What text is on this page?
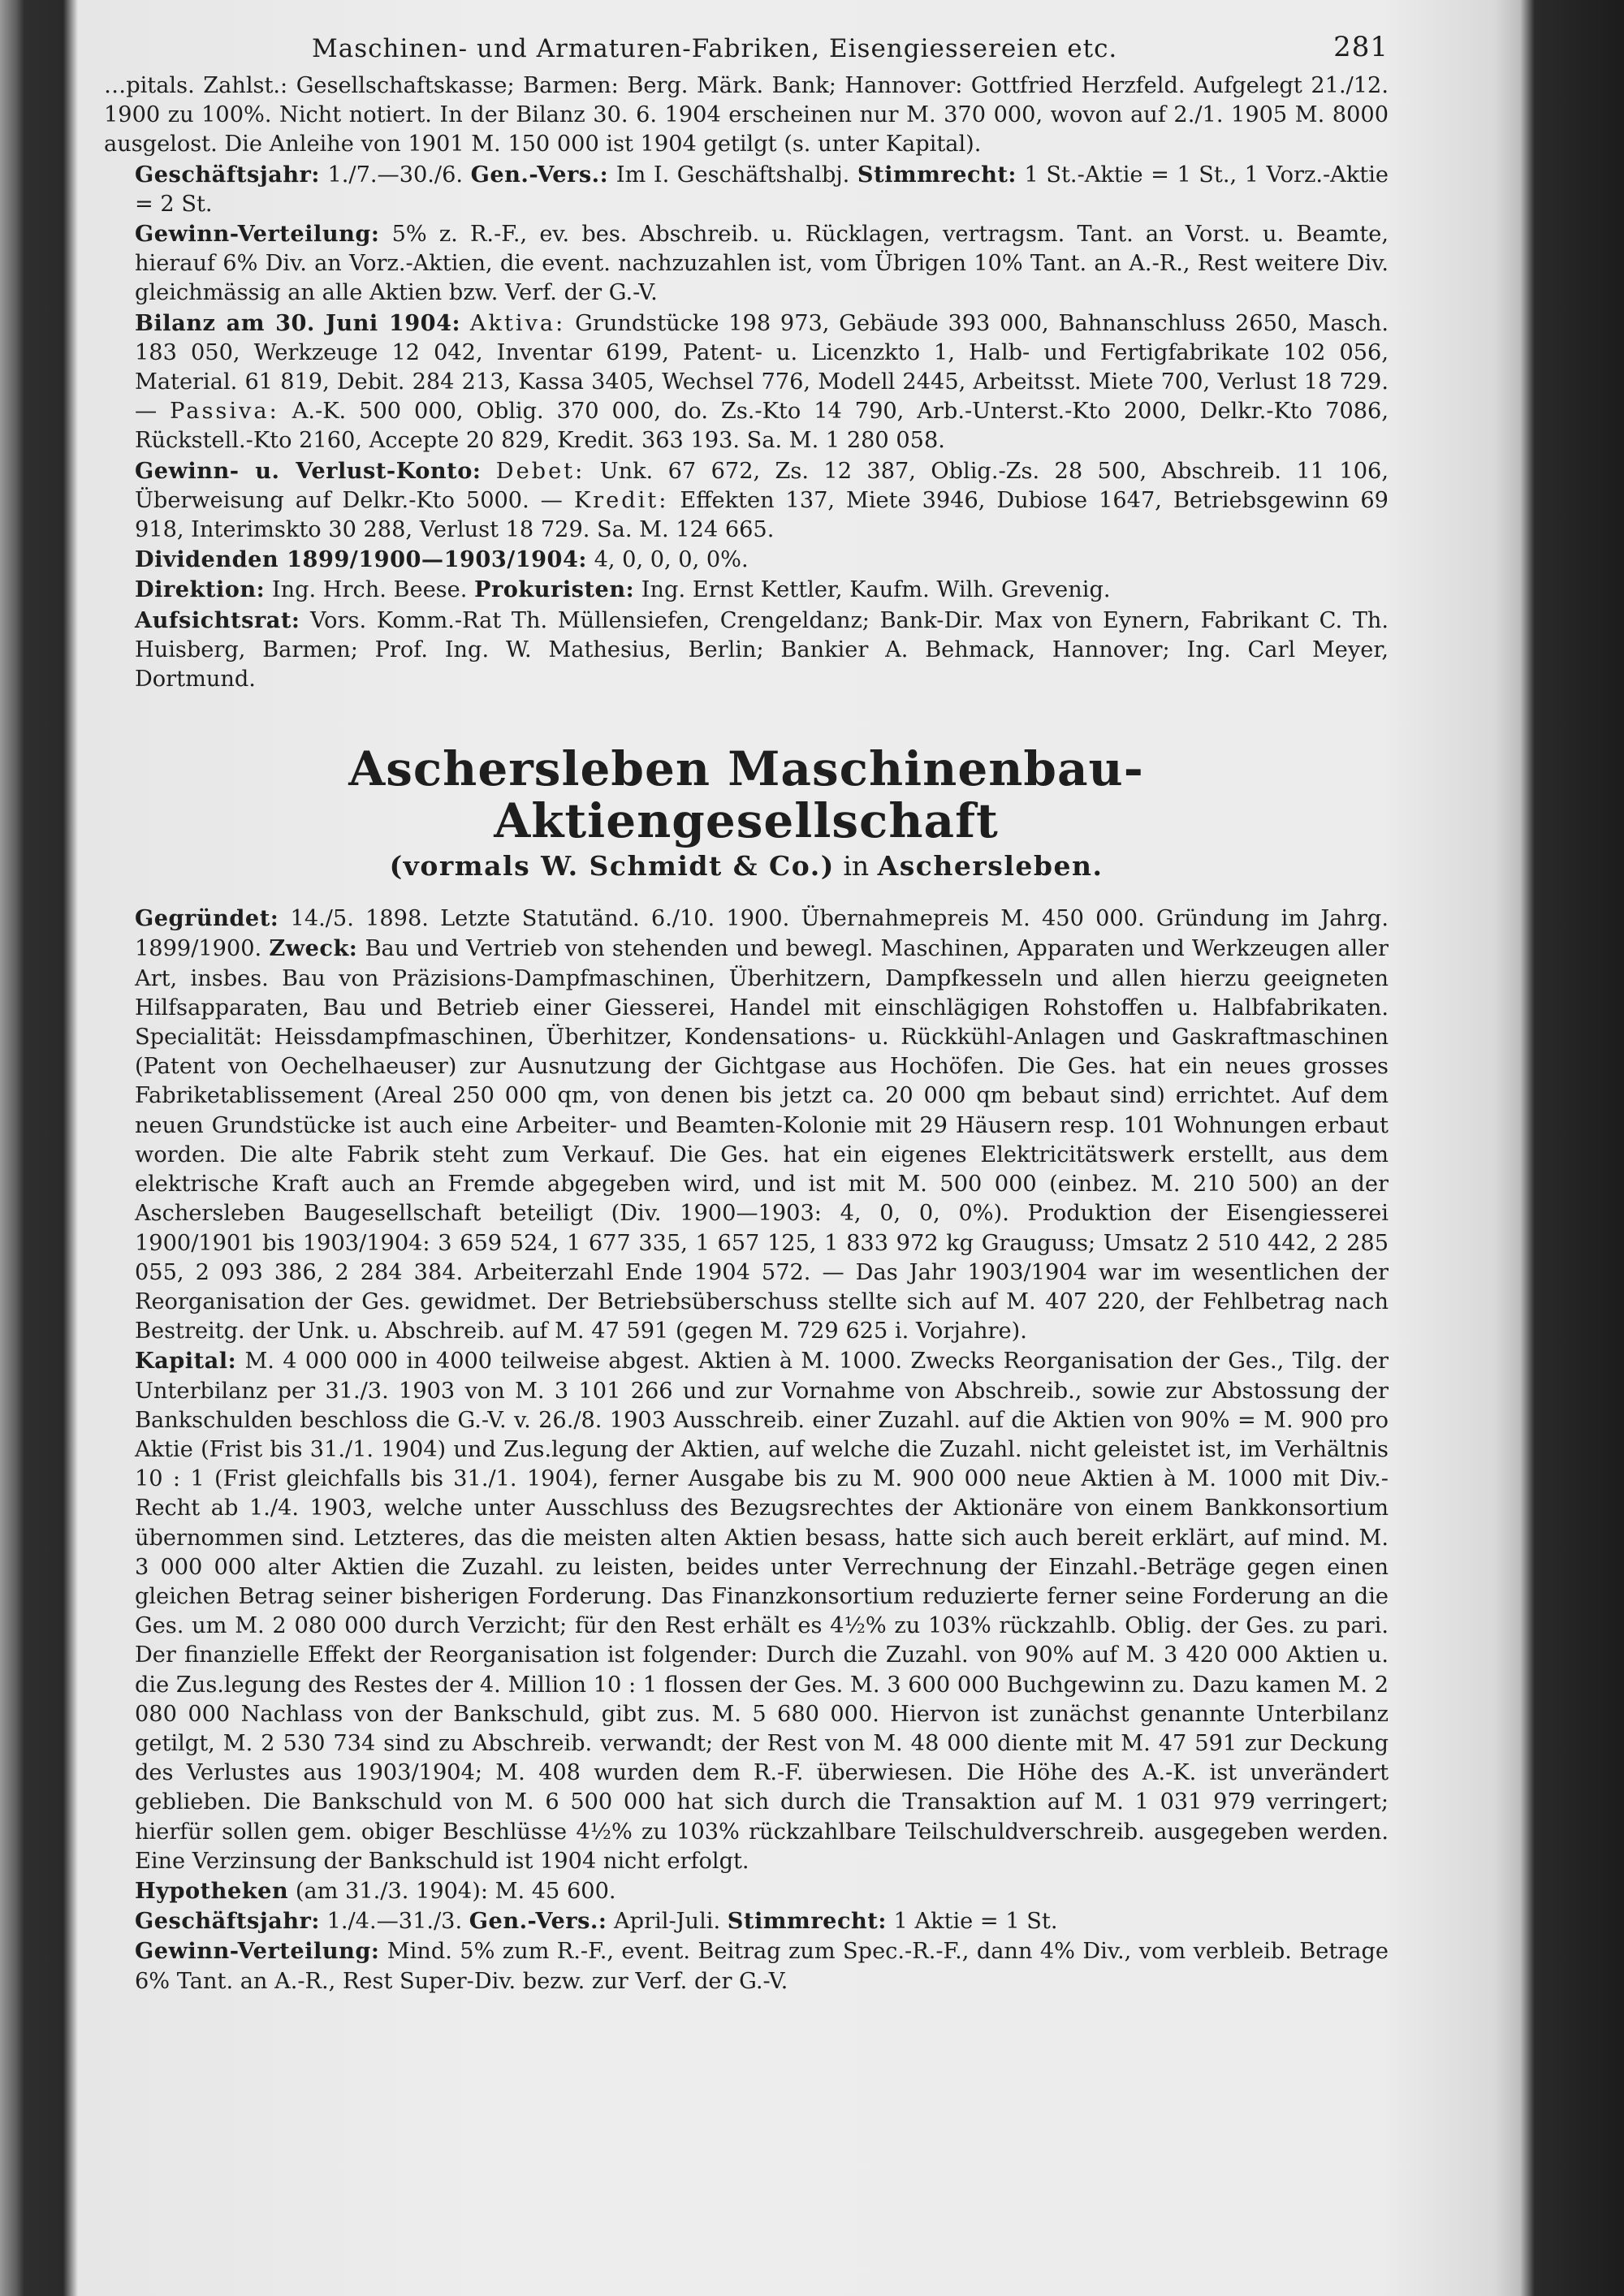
Maschinen- und Armaturen-Fabriken, Eisengiessereien etc.	281

…pitals. Zahlst.: Gesellschaftskasse; Barmen: Berg. Märk. Bank; Hannover: Gottfried Herzfeld. Aufgelegt 21./12. 1900 zu 100%. Nicht notiert. In der Bilanz 30. 6. 1904 erscheinen nur M. 370 000, wovon auf 2./1. 1905 M. 8000 ausgelost. Die Anleihe von 1901 M. 150 000 ist 1904 getilgt (s. unter Kapital).

Geschäftsjahr: 1./7.—30./6. Gen.-Vers.: Im I. Geschäftshalbj. Stimmrecht: 1 St.-Aktie = 1 St., 1 Vorz.-Aktie = 2 St.

Gewinn-Verteilung: 5% z. R.-F., ev. bes. Abschreib. u. Rücklagen, vertragsm. Tant. an Vorst. u. Beamte, hierauf 6% Div. an Vorz.-Aktien, die event. nachzuzahlen ist, vom Übrigen 10% Tant. an A.-R., Rest weitere Div. gleichmässig an alle Aktien bzw. Verf. der G.-V.

Bilanz am 30. Juni 1904: Aktiva: Grundstücke 198 973, Gebäude 393 000, Bahnanschluss 2650, Masch. 183 050, Werkzeuge 12 042, Inventar 6199, Patent- u. Licenzkto 1, Halb- und Fertigfabrikate 102 056, Material. 61 819, Debit. 284 213, Kassa 3405, Wechsel 776, Modell 2445, Arbeitsst. Miete 700, Verlust 18 729. — Passiva: A.-K. 500 000, Oblig. 370 000, do. Zs.-Kto 14 790, Arb.-Unterst.-Kto 2000, Delkr.-Kto 7086, Rückstell.-Kto 2160, Accepte 20 829, Kredit. 363 193. Sa. M. 1 280 058.

Gewinn- u. Verlust-Konto: Debet: Unk. 67 672, Zs. 12 387, Oblig.-Zs. 28 500, Abschreib. 11 106, Überweisung auf Delkr.-Kto 5000. — Kredit: Effekten 137, Miete 3946, Dubiose 1647, Betriebsgewinn 69 918, Interimskto 30 288, Verlust 18 729. Sa. M. 124 665.

Dividenden 1899/1900—1903/1904: 4, 0, 0, 0, 0%.

Direktion: Ing. Hrch. Beese. Prokuristen: Ing. Ernst Kettler, Kaufm. Wilh. Grevenig.

Aufsichtsrat: Vors. Komm.-Rat Th. Müllensiefen, Crengeldanz; Bank-Dir. Max von Eynern, Fabrikant C. Th. Huisberg, Barmen; Prof. Ing. W. Mathesius, Berlin; Bankier A. Behmack, Hannover; Ing. Carl Meyer, Dortmund.

Aschersleben Maschinenbau-Aktiengesellschaft
(vormals W. Schmidt & Co.) in Aschersleben.

Gegründet: 14./5. 1898. Letzte Statutänd. 6./10. 1900. Übernahmepreis M. 450 000. Gründung im Jahrg. 1899/1900. Zweck: Bau und Vertrieb von stehenden und bewegl. Maschinen, Apparaten und Werkzeugen aller Art, insbes. Bau von Präzisions-Dampfmaschinen, Überhitzern, Dampfkesseln und allen hierzu geeigneten Hilfsapparaten, Bau und Betrieb einer Giesserei, Handel mit einschlägigen Rohstoffen u. Halbfabrikaten. Specialität: Heissdampfmaschinen, Überhitzer, Kondensations- u. Rückkühl-Anlagen und Gaskraftmaschinen (Patent von Oechelhaeuser) zur Ausnutzung der Gichtgase aus Hochöfen. Die Ges. hat ein neues grosses Fabriketablissement (Areal 250 000 qm, von denen bis jetzt ca. 20 000 qm bebaut sind) errichtet. Auf dem neuen Grundstücke ist auch eine Arbeiter- und Beamten-Kolonie mit 29 Häusern resp. 101 Wohnungen erbaut worden. Die alte Fabrik steht zum Verkauf. Die Ges. hat ein eigenes Elektricitätswerk erstellt, aus dem elektrische Kraft auch an Fremde abgegeben wird, und ist mit M. 500 000 (einbez. M. 210 500) an der Aschersleben Baugesellschaft beteiligt (Div. 1900—1903: 4, 0, 0, 0%). Produktion der Eisengiesserei 1900/1901 bis 1903/1904: 3 659 524, 1 677 335, 1 657 125, 1 833 972 kg Grauguss; Umsatz 2 510 442, 2 285 055, 2 093 386, 2 284 384. Arbeiterzahl Ende 1904 572. — Das Jahr 1903/1904 war im wesentlichen der Reorganisation der Ges. gewidmet. Der Betriebsüberschuss stellte sich auf M. 407 220, der Fehlbetrag nach Bestreitg. der Unk. u. Abschreib. auf M. 47 591 (gegen M. 729 625 i. Vorjahre).

Kapital: M. 4 000 000 in 4000 teilweise abgest. Aktien à M. 1000. Zwecks Reorganisation der Ges., Tilg. der Unterbilanz per 31./3. 1903 von M. 3 101 266 und zur Vornahme von Abschreib., sowie zur Abstossung der Bankschulden beschloss die G.-V. v. 26./8. 1903 Ausschreib. einer Zuzahl. auf die Aktien von 90% = M. 900 pro Aktie (Frist bis 31./1. 1904) und Zus.legung der Aktien, auf welche die Zuzahl. nicht geleistet ist, im Verhältnis 10 : 1 (Frist gleichfalls bis 31./1. 1904), ferner Ausgabe bis zu M. 900 000 neue Aktien à M. 1000 mit Div.-Recht ab 1./4. 1903, welche unter Ausschluss des Bezugsrechtes der Aktionäre von einem Bankkonsortium übernommen sind. Letzteres, das die meisten alten Aktien besass, hatte sich auch bereit erklärt, auf mind. M. 3 000 000 alter Aktien die Zuzahl. zu leisten, beides unter Verrechnung der Einzahl.-Beträge gegen einen gleichen Betrag seiner bisherigen Forderung. Das Finanzkonsortium reduzierte ferner seine Forderung an die Ges. um M. 2 080 000 durch Verzicht; für den Rest erhält es 4½% zu 103% rückzahlb. Oblig. der Ges. zu pari. Der finanzielle Effekt der Reorganisation ist folgender: Durch die Zuzahl. von 90% auf M. 3 420 000 Aktien u. die Zus.legung des Restes der 4. Million 10 : 1 flossen der Ges. M. 3 600 000 Buchgewinn zu. Dazu kamen M. 2 080 000 Nachlass von der Bankschuld, gibt zus. M. 5 680 000. Hiervon ist zunächst genannte Unterbilanz getilgt, M. 2 530 734 sind zu Abschreib. verwandt; der Rest von M. 48 000 diente mit M. 47 591 zur Deckung des Verlustes aus 1903/1904; M. 408 wurden dem R.-F. überwiesen. Die Höhe des A.-K. ist unverändert geblieben. Die Bankschuld von M. 6 500 000 hat sich durch die Transaktion auf M. 1 031 979 verringert; hierfür sollen gem. obiger Beschlüsse 4½% zu 103% rückzahlbare Teilschuldverschreib. ausgegeben werden. Eine Verzinsung der Bankschuld ist 1904 nicht erfolgt.

Hypotheken (am 31./3. 1904): M. 45 600.

Geschäftsjahr: 1./4.—31./3. Gen.-Vers.: April-Juli. Stimmrecht: 1 Aktie = 1 St.

Gewinn-Verteilung: Mind. 5% zum R.-F., event. Beitrag zum Spec.-R.-F., dann 4% Div., vom verbleib. Betrage 6% Tant. an A.-R., Rest Super-Div. bezw. zur Verf. der G.-V.
